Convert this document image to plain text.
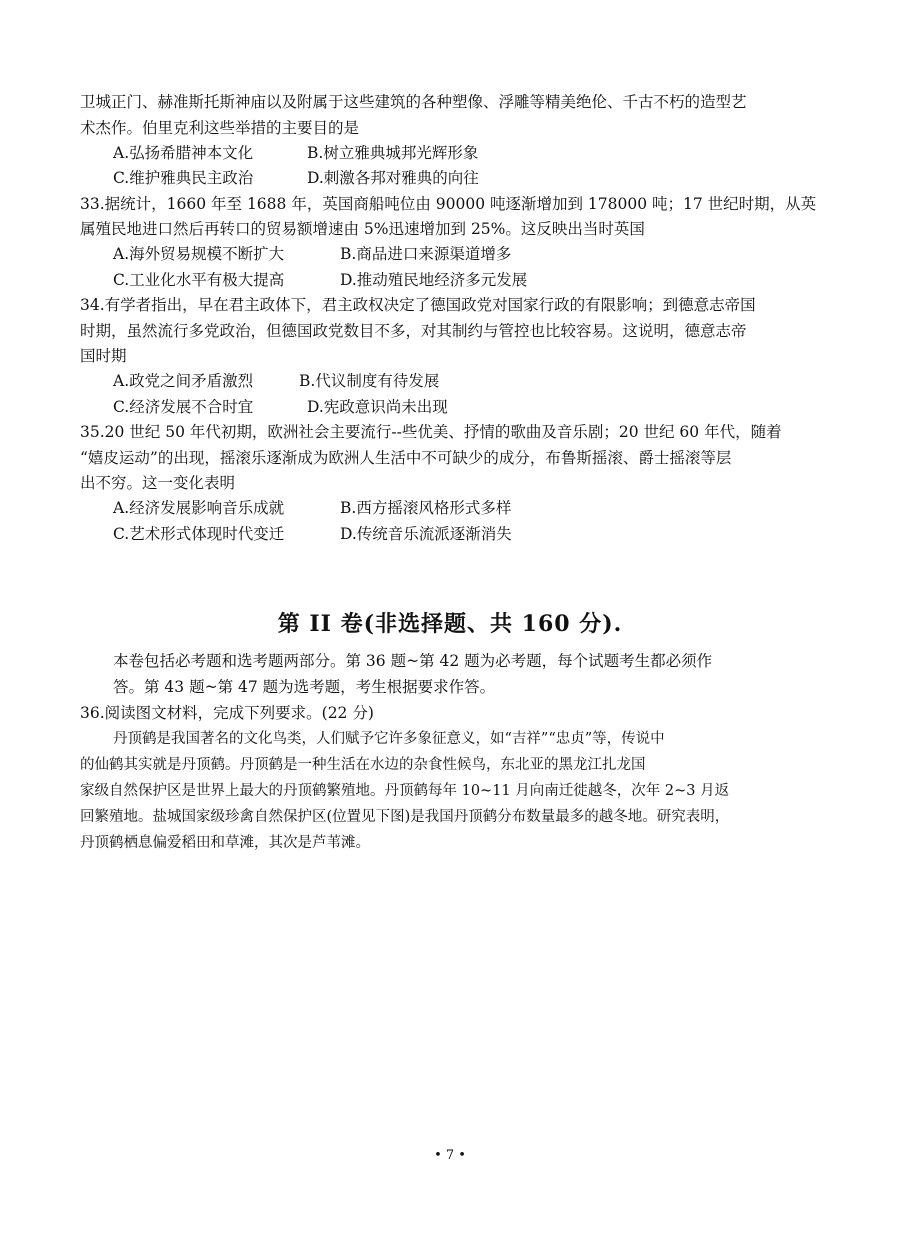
卫城正门、赫准斯托斯神庙以及附属于这些建筑的各种塑像、浮雕等精美绝伦、千古不朽的造型艺
术杰作。伯里克利这些举措的主要目的是
A.弘扬希腊神本文化	B.树立雅典城邦光辉形象
C.维护雅典民主政治	D.刺激各邦对雅典的向往
33.据统计，1660 年至 1688 年，英国商船吨位由 90000 吨逐渐增加到 178000 吨；17 世纪时期，从英
属殖民地进口然后再转口的贸易额增速由 5%迅速增加到 25%。这反映出当时英国
A.海外贸易规模不断扩大	B.商品进口来源渠道增多
C.工业化水平有极大提高	D.推动殖民地经济多元发展
34.有学者指出，早在君主政体下，君主政权决定了德国政党对国家行政的有限影响；到德意志帝国
时期，虽然流行多党政治，但德国政党数目不多，对其制约与管控也比较容易。这说明，德意志帝
国时期
A.政党之间矛盾激烈	B.代议制度有待发展
C.经济发展不合时宜	D.宪政意识尚未出现
35.20 世纪 50 年代初期，欧洲社会主要流行--些优美、抒情的歌曲及音乐剧；20 世纪 60 年代，随着
“嬉皮运动”的出现，摇滚乐逐渐成为欧洲人生活中不可缺少的成分，布鲁斯摇滚、爵士摇滚等层
出不穷。这一变化表明
A.经济发展影响音乐成就	B.西方摇滚风格形式多样
C.艺术形式体现时代变迁	D.传统音乐流派逐渐消失
第 II 卷(非选择题、共 160 分).
本卷包括必考题和选考题两部分。第 36 题~第 42 题为必考题，每个试题考生都必须作
答。第 43 题~第 47 题为选考题，考生根据要求作答。
36.阅读图文材料，完成下列要求。(22 分)
丹顶鹤是我国著名的文化鸟类，人们赋予它许多象征意义，如“吉祥”“忠贞”等，传说中
的仙鹤其实就是丹顶鹤。丹顶鹤是一种生活在水边的杂食性候鸟，东北亚的黑龙江扎龙国
家级自然保护区是世界上最大的丹顶鹤繁殖地。丹顶鹤每年 10~11 月向南迁徙越冬，次年 2~3 月返
回繁殖地。盐城国家级珍禽自然保护区(位置见下图)是我国丹顶鹤分布数量最多的越冬地。研究表明，
丹顶鹤栖息偏爱稻田和草滩，其次是芦苇滩。
• 7 •
